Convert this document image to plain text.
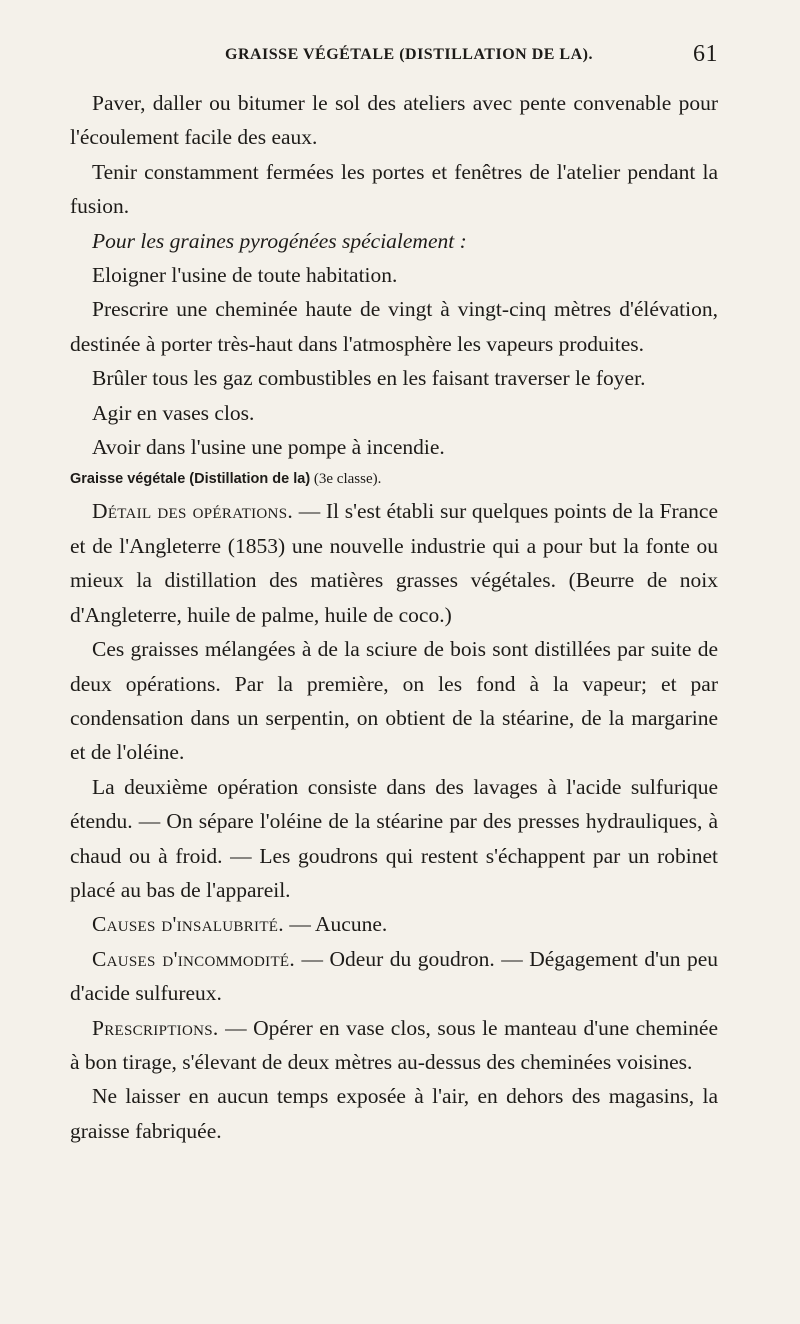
GRAISSE VÉGÉTALE (DISTILLATION DE LA).	61

Paver, daller ou bitumer le sol des ateliers avec pente convenable pour l'écoulement facile des eaux.

Tenir constamment fermées les portes et fenêtres de l'atelier pendant la fusion.

Pour les graines pyrogénées spécialement :

Eloigner l'usine de toute habitation.

Prescrire une cheminée haute de vingt à vingt-cinq mètres d'élévation, destinée à porter très-haut dans l'atmosphère les vapeurs produites.

Brûler tous les gaz combustibles en les faisant traverser le foyer.

Agir en vases clos.

Avoir dans l'usine une pompe à incendie.

Graisse végétale (Distillation de la) (3e classe).

Détail des opérations. — Il s'est établi sur quelques points de la France et de l'Angleterre (1853) une nouvelle industrie qui a pour but la fonte ou mieux la distillation des matières grasses végétales. (Beurre de noix d'Angleterre, huile de palme, huile de coco.)

Ces graisses mélangées à de la sciure de bois sont distillées par suite de deux opérations. Par la première, on les fond à la vapeur; et par condensation dans un serpentin, on obtient de la stéarine, de la margarine et de l'oléine.

La deuxième opération consiste dans des lavages à l'acide sulfurique étendu. — On sépare l'oléine de la stéarine par des presses hydrauliques, à chaud ou à froid. — Les goudrons qui restent s'échappent par un robinet placé au bas de l'appareil.

Causes d'insalubrité. — Aucune.

Causes d'incommodité. — Odeur du goudron. — Dégagement d'un peu d'acide sulfureux.

Prescriptions. — Opérer en vase clos, sous le manteau d'une cheminée à bon tirage, s'élevant de deux mètres au-dessus des cheminées voisines.

Ne laisser en aucun temps exposée à l'air, en dehors des magasins, la graisse fabriquée.
